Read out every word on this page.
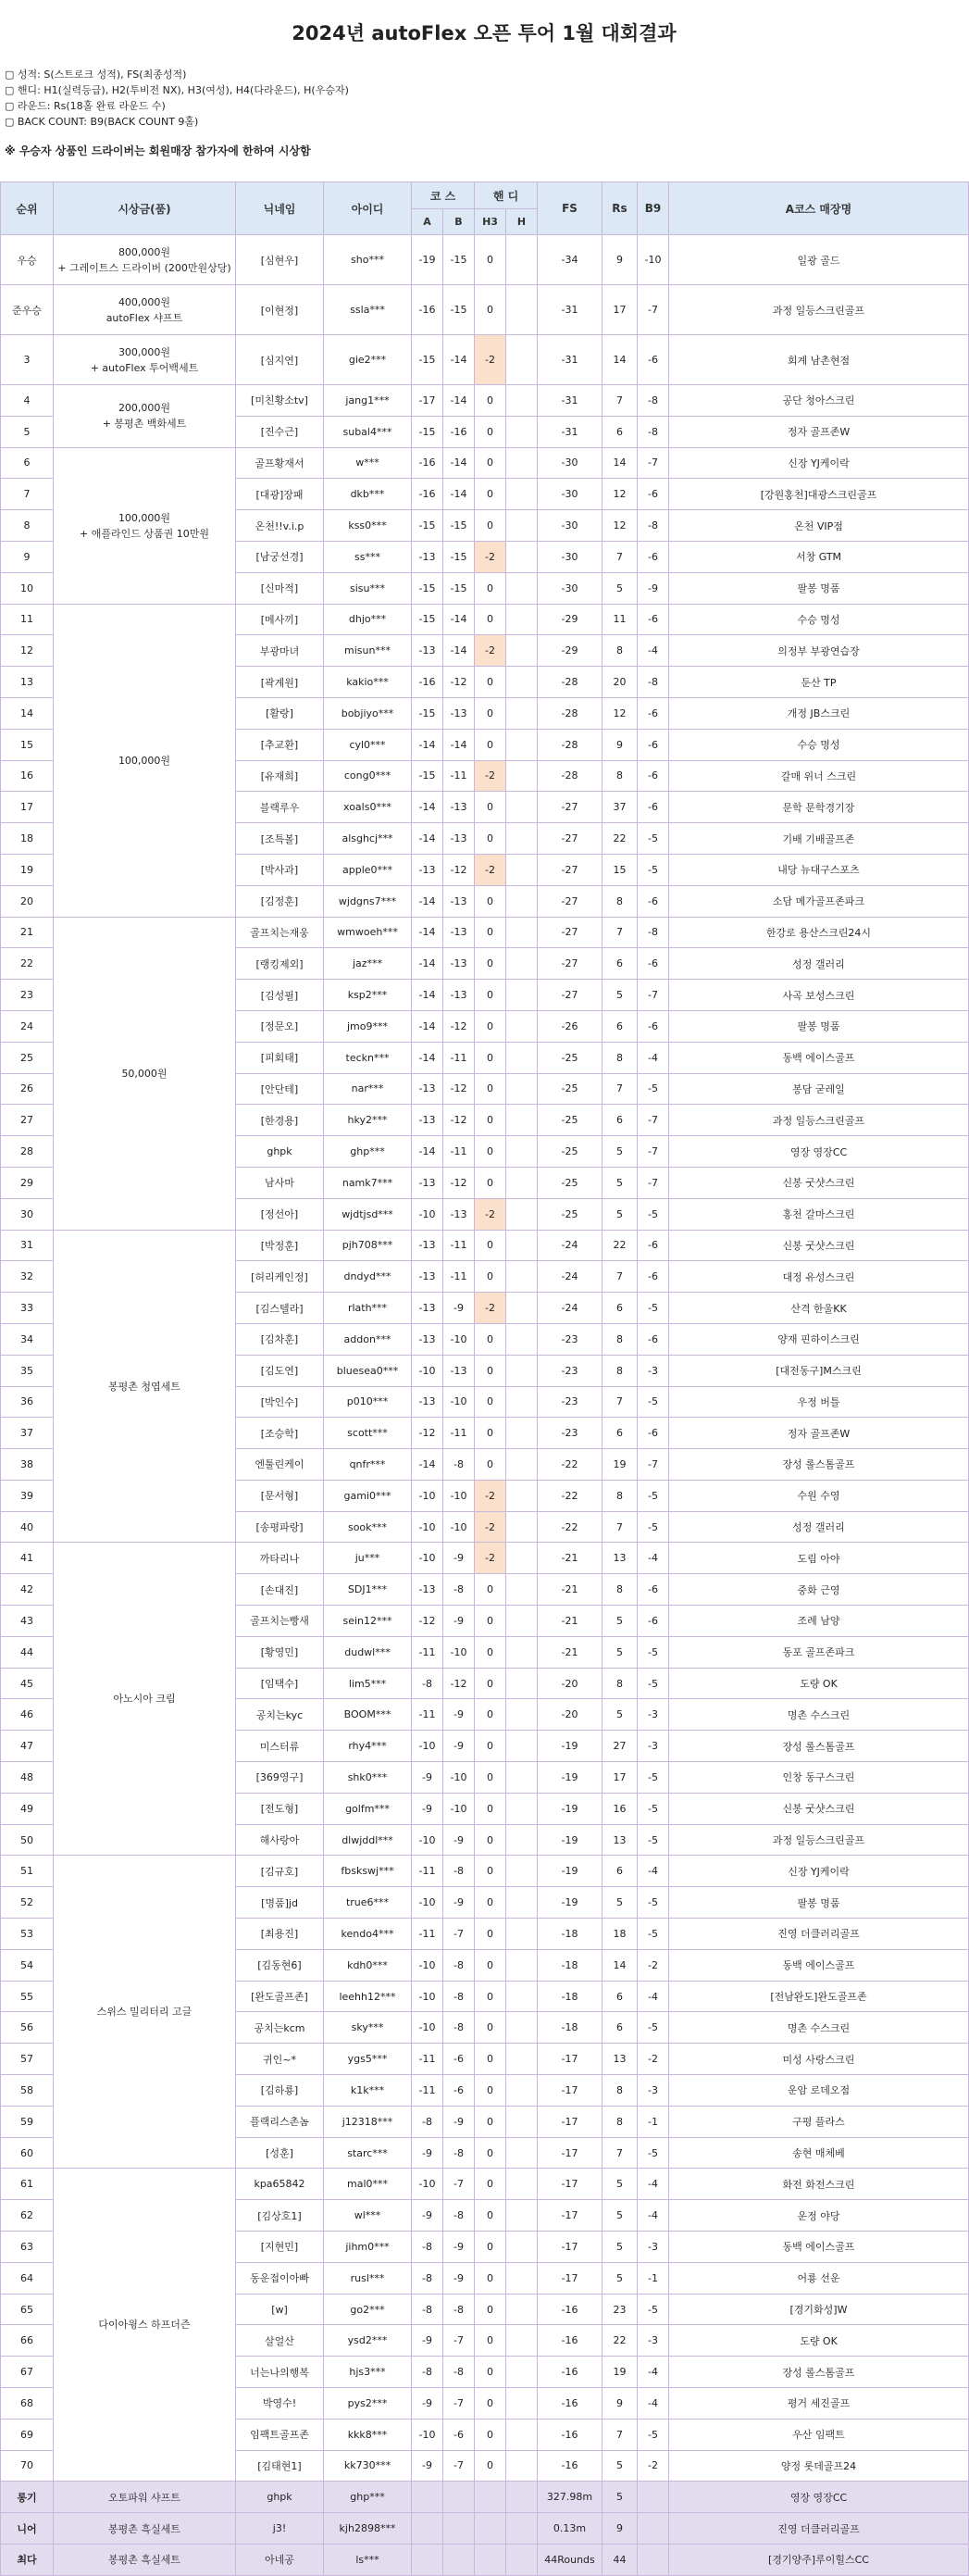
2024년 autoFlex 오픈 투어 1월 대회결과
▢ 성적: S(스트로크 성적), FS(최종성적)
▢ 핸디: H1(실력등급), H2(투비전 NX), H3(여성), H4(다라운드), H(우승자)
▢ 라운드: Rs(18홀 완료 라운드 수)
▢ BACK COUNT: B9(BACK COUNT 9홀)
※ 우승자 상품인 드라이버는 회원매장 참가자에 한하여 시상함
순위	시상금(품)	닉네임	아이디	코 스		핸 디		FS	Rs	B9	A코스 매장명
				A	B	H3	H				
우승	800,000원
+ 그레이트스 드라이버 (200만원상당)	[심현우]	sho***	-19	-15	0		-34	9	-10	일광 골드
준우승	400,000원
autoFlex 샤프트	[이현정]	ssla***	-16	-15	0		-31	17	-7	과정 일등스크린골프
3	300,000원
+ autoFlex 투어백세트	[심지연]	gie2***	-15	-14	-2		-31	14	-6	회계 남촌현점
4	200,000원
+ 봉평촌 백화세트	[미친황소tv]	jang1***	-17	-14	0		-31	7	-8	공단 청아스크린
5		[진수근]	subal4***	-15	-16	0		-31	6	-8	정자 골프존W
6	100,000원
+ 애플라인드 상품권 10만원	골프황재서	w***	-16	-14	0		-30	14	-7	신장 YJ케이락
7		[대광]장패	dkb***	-16	-14	0		-30	12	-6	[강원홍천]대광스크린골프
8		온천!!v.i.p	kss0***	-15	-15	0		-30	12	-8	온천 VIP점
9		[남궁선경]	ss***	-13	-15	-2		-30	7	-6	서창 GTM
10		[신마적]	sisu***	-15	-15	0		-30	5	-9	팔봉 명품
11	100,000원	[메사끼]	dhjo***	-15	-14	0		-29	11	-6	수승 명성
12		부광마녀	misun***	-13	-14	-2		-29	8	-4	의정부 부광연습장
13		[곽계원]	kakio***	-16	-12	0		-28	20	-8	둔산 TP
14		[활랑]	bobjiyo***	-15	-13	0		-28	12	-6	개정 JB스크린
15		[추교환]	cyl0***	-14	-14	0		-28	9	-6	수승 명성
16		[유재희]	cong0***	-15	-11	-2		-28	8	-6	갈매 위너 스크린
17		블랙루우	xoals0***	-14	-13	0		-27	37	-6	문학 문학경기장
18		[조특볼]	alsghcj***	-14	-13	0		-27	22	-5	기배 기배골프존
19		[박사과]	apple0***	-13	-12	-2		-27	15	-5	내당 뉴대구스포츠
20		[김정훈]	wjdgns7***	-14	-13	0		-27	8	-6	소담 메가골프존파크
21	50,000원	골프치는재웅	wmwoeh***	-14	-13	0		-27	7	-8	한강로 용산스크린24시
22		[랭킹제외]	jaz***	-14	-13	0		-27	6	-6	성정 갤러리
23		[김성필]	ksp2***	-14	-13	0		-27	5	-7	사곡 보성스크린
24		[정문오]	jmo9***	-14	-12	0		-26	6	-6	팔봉 명품
25		[피회태]	teckn***	-14	-11	0		-25	8	-4	동백 에이스골프
26		[안단테]	nar***	-13	-12	0		-25	7	-5	봉담 굳레일
27		[한경용]	hky2***	-13	-12	0		-25	6	-7	과정 일등스크린골프
28		ghpk	ghp***	-14	-11	0		-25	5	-7	영장 영장CC
29		남사마	namk7***	-13	-12	0		-25	5	-7	신봉 굿샷스크린
30		[정선아]	wjdtjsd***	-10	-13	-2		-25	5	-5	홍천 갈마스크린
31	봉평촌 청엽세트	[박정훈]	pjh708***	-13	-11	0		-24	22	-6	신봉 굿샷스크린
32		[허리케인정]	dndyd***	-13	-11	0		-24	7	-6	대정 유성스크린
33		[김스텔라]	rlath***	-13	-9	-2		-24	6	-5	산격 한울KK
34		[김차훈]	addon***	-13	-10	0		-23	8	-6	양재 핀하이스크린
35		[김도연]	bluesea0***	-10	-13	0		-23	8	-3	[대전동구]M스크린
36		[박인수]	p010***	-13	-10	0		-23	7	-5	우정 버틀
37		[조승학]	scott***	-12	-11	0		-23	6	-6	정자 골프존W
38		엔툴린케이	qnfr***	-14	-8	0		-22	19	-7	장성 롤스톰골프
39		[문서형]	gami0***	-10	-10	-2		-22	8	-5	수원 수영
40		[송평파랑]	sook***	-10	-10	-2		-22	7	-5	성정 갤러리
41	아노시아 크림	까타리나	ju***	-10	-9	-2		-21	13	-4	도림 아야
42		[손대진]	SDJ1***	-13	-8	0		-21	8	-6	중화 근영
43		골프치는빵새	sein12***	-12	-9	0		-21	5	-6	조례 남양
44		[황영민]	dudwl***	-11	-10	0		-21	5	-5	동포 골프존파크
45		[임택수]	lim5***	-8	-12	0		-20	8	-5	도량 OK
46		공치는kyc	BOOM***	-11	-9	0		-20	5	-3	명촌 수스크린
47		미스터류	rhy4***	-10	-9	0		-19	27	-3	장성 롤스톰골프
48		[369영구]	shk0***	-9	-10	0		-19	17	-5	인창 동구스크린
49		[전도형]	golfm***	-9	-10	0		-19	16	-5	신봉 굿샷스크린
50		해사랑아	dlwjddl***	-10	-9	0		-19	13	-5	과정 일등스크린골프
51	스위스 밀리터리 고글	[김규호]	fbskswj***	-11	-8	0		-19	6	-4	신장 YJ케이락
52		[명품]jd	true6***	-10	-9	0		-19	5	-5	팔봉 명품
53		[최용진]	kendo4***	-11	-7	0		-18	18	-5	진영 더클러리골프
54		[김동현6]	kdh0***	-10	-8	0		-18	14	-2	동백 에이스골프
55		[완도골프존]	leehh12***	-10	-8	0		-18	6	-4	[전남완도]완도골프존
56		공치는kcm	sky***	-10	-8	0		-18	6	-5	명촌 수스크린
57		귀인~*	ygs5***	-11	-6	0		-17	13	-2	미성 사랑스크린
58		[김하룡]	k1k***	-11	-6	0		-17	8	-3	운암 로데오점
59		플랙리스촌놈	j12318***	-8	-9	0		-17	8	-1	구평 플라스
60		[성훈]	starc***	-9	-8	0		-17	7	-5	송현 매체베
61	다이아윙스 하프더즌	kpa65842	mal0***	-10	-7	0		-17	5	-4	화전 화전스크린
62		[김상호1]	wl***	-9	-8	0		-17	5	-4	운정 야당
63		[지현민]	jihm0***	-8	-9	0		-17	5	-3	동백 에이스골프
64		동운접이아빠	rusl***	-8	-9	0		-17	5	-1	어룡 선운
65		[w]	go2***	-8	-8	0		-16	23	-5	[경기화성]W
66		살얼산	ysd2***	-9	-7	0		-16	22	-3	도량 OK
67		너는나의행복	hjs3***	-8	-8	0		-16	19	-4	장성 롤스톰골프
68		박영수!	pys2***	-9	-7	0		-16	9	-4	평거 세진골프
69		임팩트골프존	kkk8***	-10	-6	0		-16	7	-5	우산 임팩트
70		[김태현1]	kk730***	-9	-7	0		-16	5	-2	양정 롯데골프24
롱기	오토파워 샤프트	ghpk	ghp***					327.98m	5		영장 영장CC
니어	봉평촌 흑실세트	j3!	kjh2898***					0.13m	9		진영 더클러리골프
최다	봉평촌 흑실세트	아네공	ls***					44Rounds	44		[경기양주]루이힐스CC
